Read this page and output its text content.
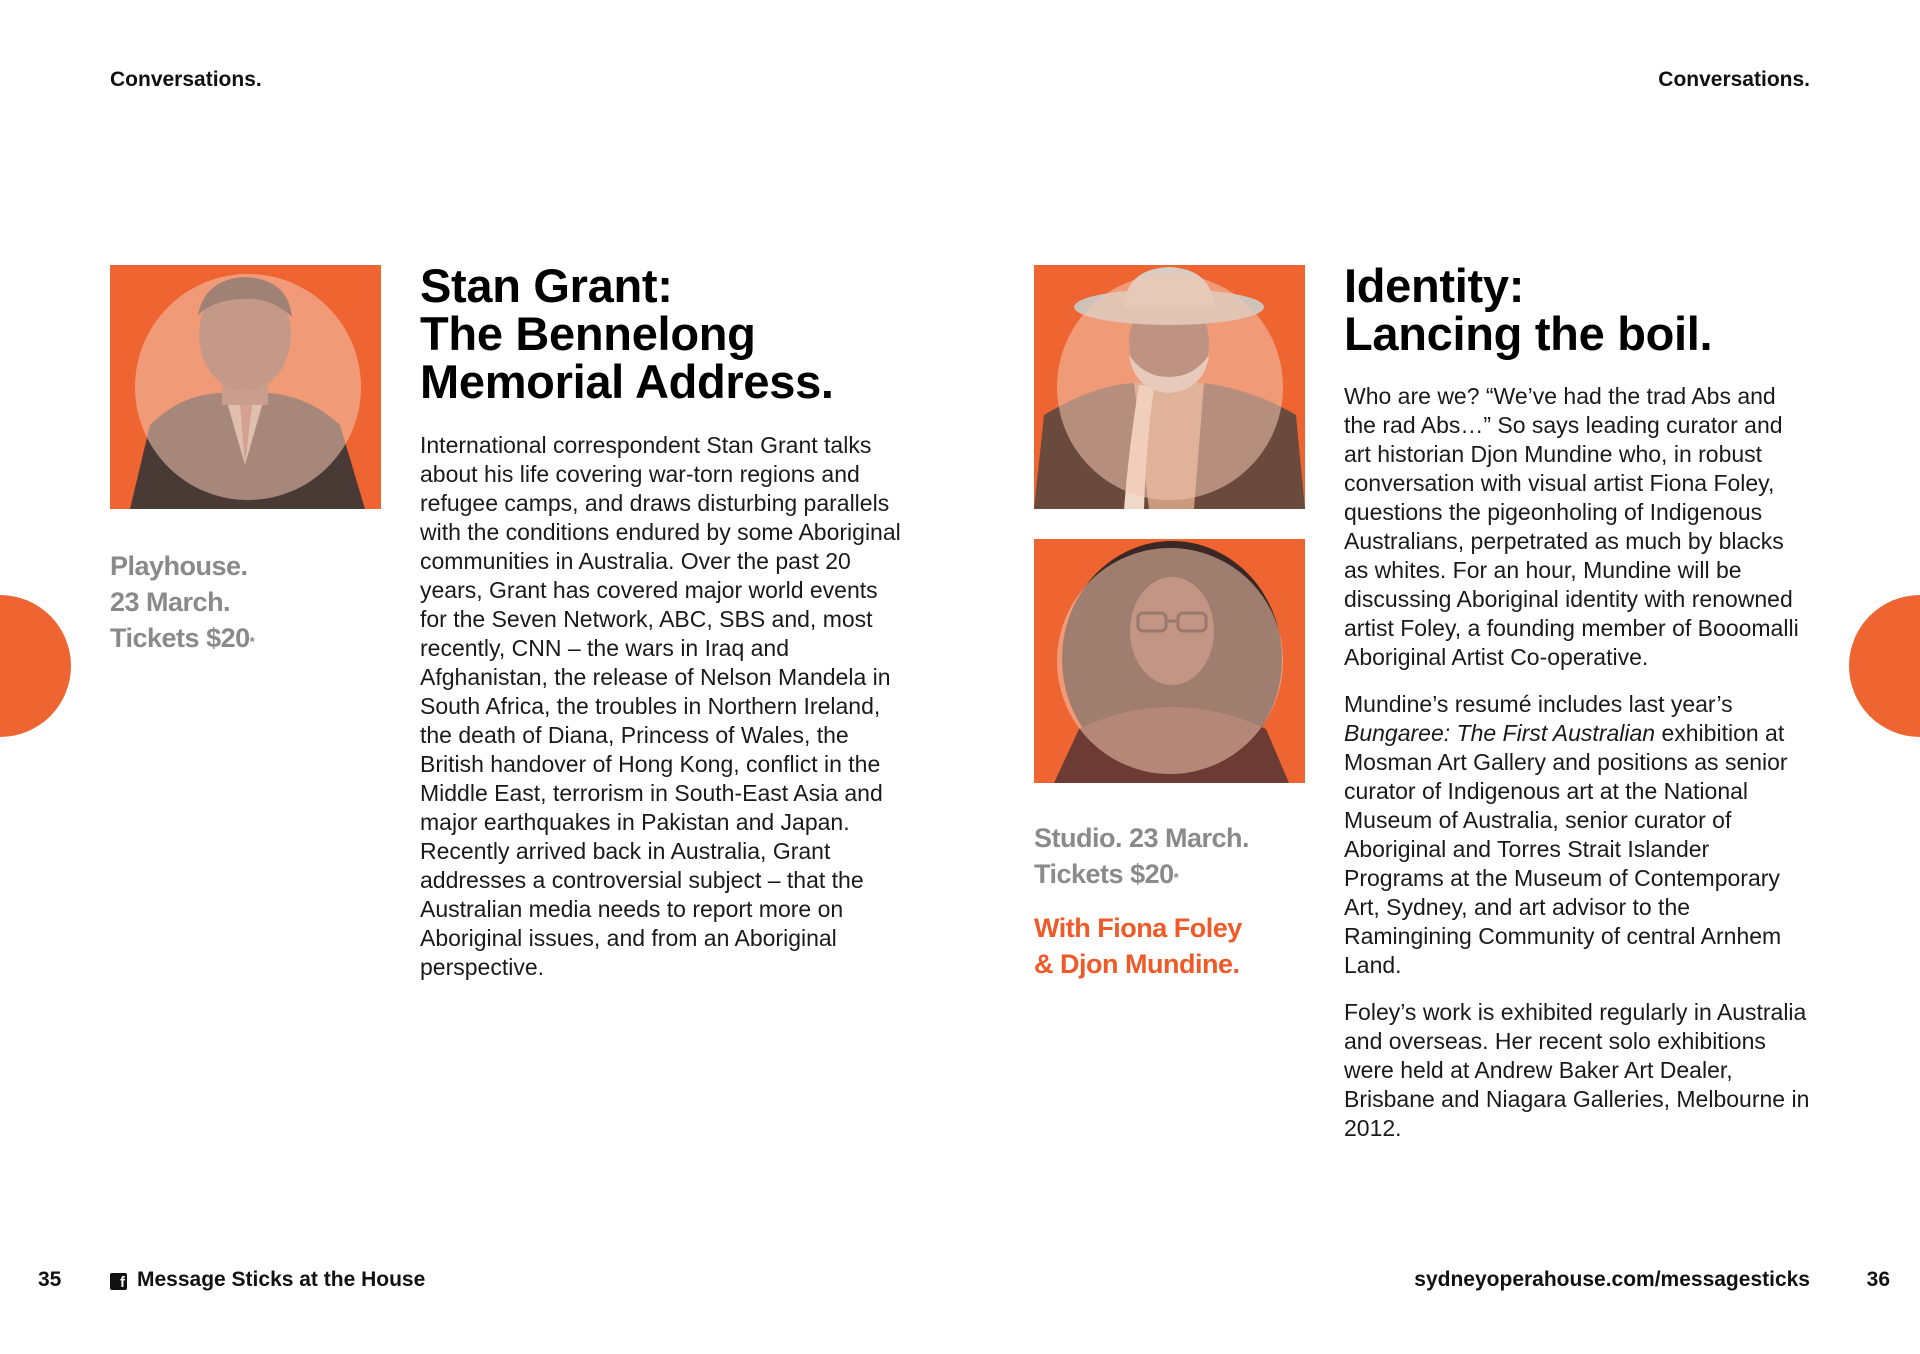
Conversations.	Conversations.
Playhouse.
23 March.
Tickets $20*
Stan Grant:
The Bennelong
Memorial Address.

International correspondent Stan Grant talks about his life covering war-torn regions and refugee camps, and draws disturbing parallels with the conditions endured by some Aboriginal communities in Australia. Over the past 20 years, Grant has covered major world events for the Seven Network, ABC, SBS and, most recently, CNN – the wars in Iraq and Afghanistan, the release of Nelson Mandela in South Africa, the troubles in Northern Ireland, the death of Diana, Princess of Wales, the British handover of Hong Kong, conflict in the Middle East, terrorism in South-East Asia and major earthquakes in Pakistan and Japan. Recently arrived back in Australia, Grant addresses a controversial subject – that the Australian media needs to report more on Aboriginal issues, and from an Aboriginal perspective.

Studio. 23 March.
Tickets $20*
With Fiona Foley
& Djon Mundine.
Identity:
Lancing the boil.

Who are we? “We’ve had the trad Abs and the rad Abs…” So says leading curator and art historian Djon Mundine who, in robust conversation with visual artist Fiona Foley, questions the pigeonholing of Indigenous Australians, perpetrated as much by blacks as whites. For an hour, Mundine will be discussing Aboriginal identity with renowned artist Foley, a founding member of Booomalli Aboriginal Artist Co-operative.

Mundine’s resumé includes last year’s Bungaree: The First Australian exhibition at Mosman Art Gallery and positions as senior curator of Indigenous art at the National Museum of Australia, senior curator of Aboriginal and Torres Strait Islander Programs at the Museum of Contemporary Art, Sydney, and art advisor to the Ramingining Community of central Arnhem Land.

Foley’s work is exhibited regularly in Australia and overseas. Her recent solo exhibitions were held at Andrew Baker Art Dealer, Brisbane and Niagara Galleries, Melbourne in 2012.

35	f Message Sticks at the House	sydneyoperahouse.com/messagesticks	36
